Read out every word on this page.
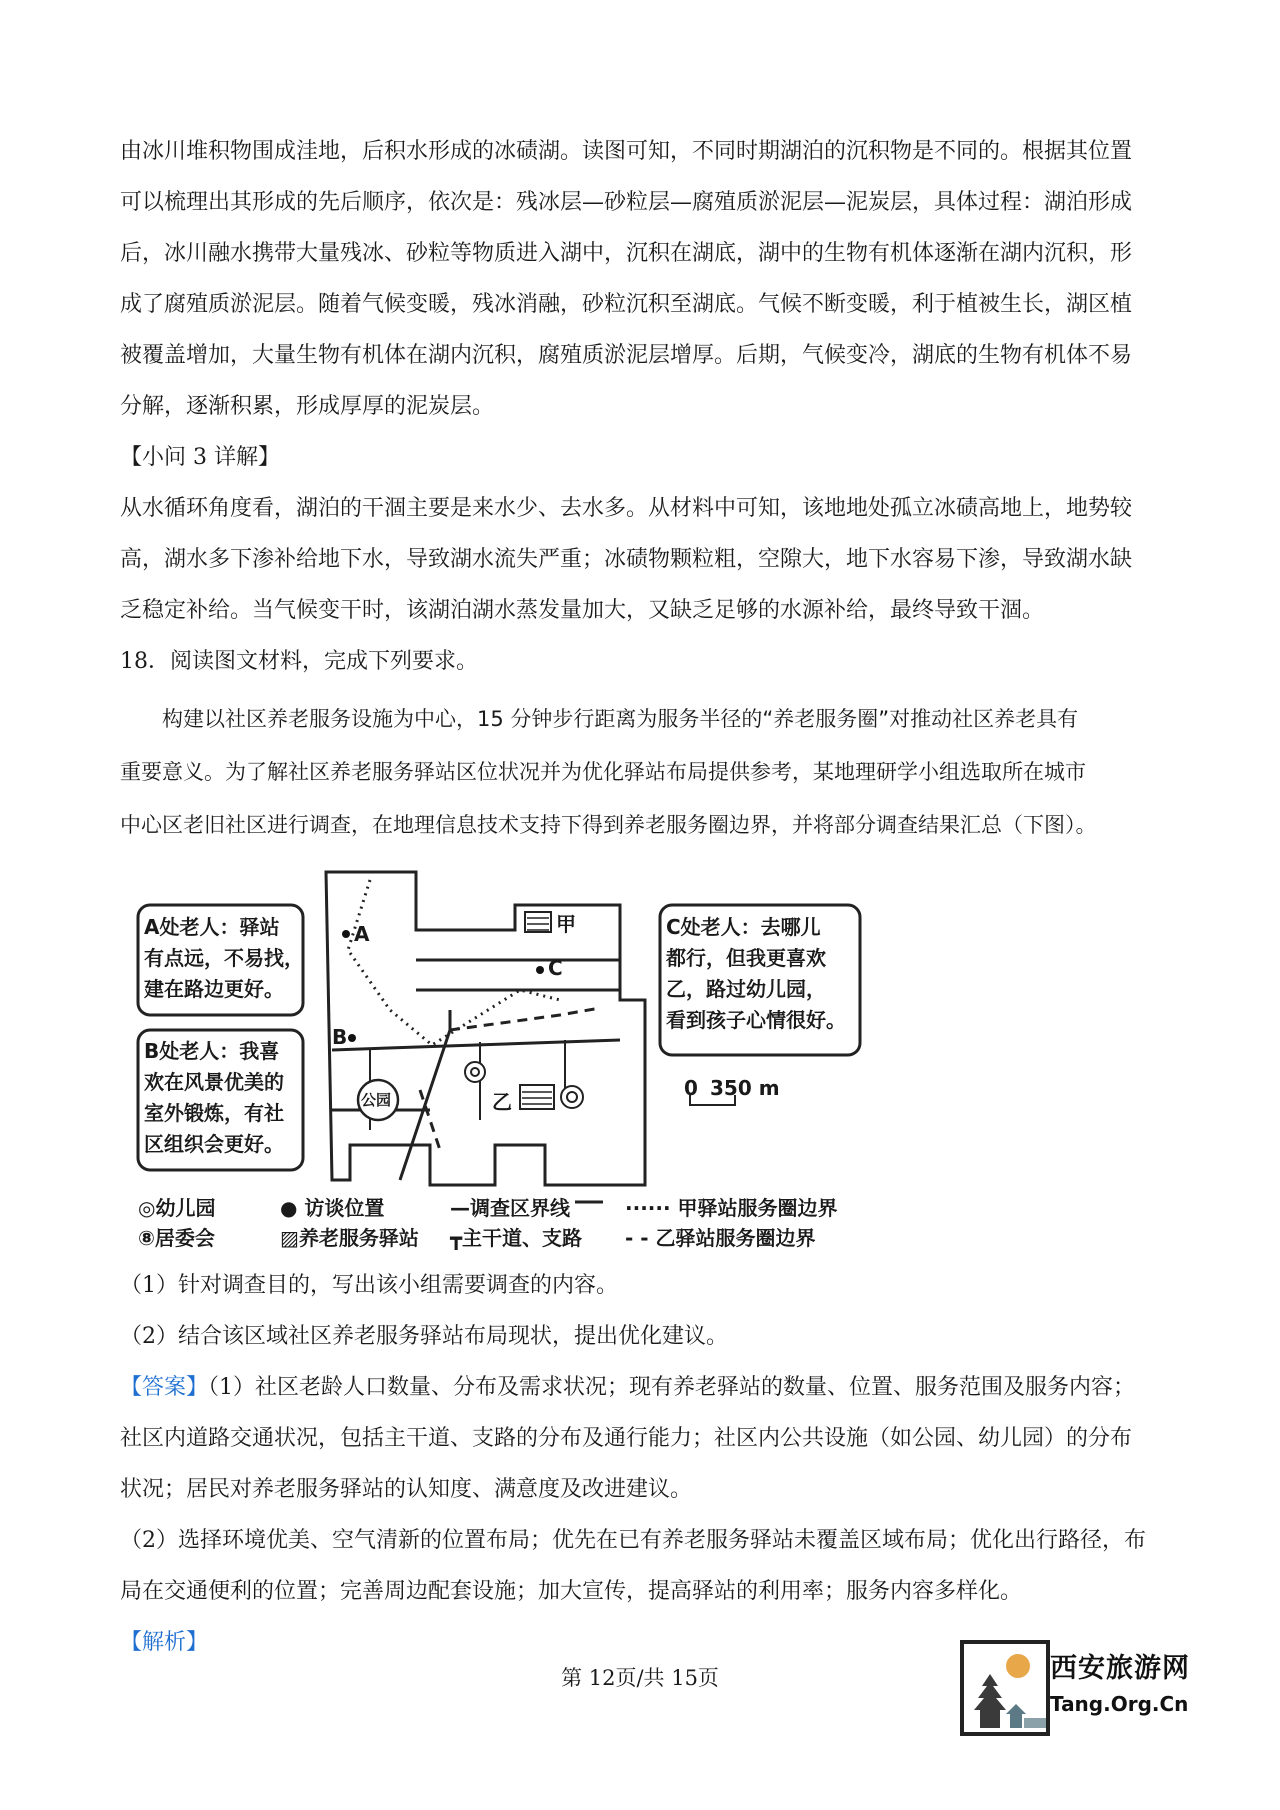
由冰川堆积物围成洼地，后积水形成的冰碛湖。读图可知，不同时期湖泊的沉积物是不同的。根据其位置
可以梳理出其形成的先后顺序，依次是：残冰层—砂粒层—腐殖质淤泥层—泥炭层，具体过程：湖泊形成
后，冰川融水携带大量残冰、砂粒等物质进入湖中，沉积在湖底，湖中的生物有机体逐渐在湖内沉积，形
成了腐殖质淤泥层。随着气候变暖，残冰消融，砂粒沉积至湖底。气候不断变暖，利于植被生长，湖区植
被覆盖增加，大量生物有机体在湖内沉积，腐殖质淤泥层增厚。后期，气候变冷，湖底的生物有机体不易
分解，逐渐积累，形成厚厚的泥炭层。
【小问 3 详解】
从水循环角度看，湖泊的干涸主要是来水少、去水多。从材料中可知，该地地处孤立冰碛高地上，地势较
高，湖水多下渗补给地下水，导致湖水流失严重；冰碛物颗粒粗，空隙大，地下水容易下渗，导致湖水缺
乏稳定补给。当气候变干时，该湖泊湖水蒸发量加大，又缺乏足够的水源补给，最终导致干涸。
18．阅读图文材料，完成下列要求。
构建以社区养老服务设施为中心，15 分钟步行距离为服务半径的“养老服务圈”对推动社区养老具有
重要意义。为了解社区养老服务驿站区位状况并为优化驿站布局提供参考，某地理研学小组选取所在城市
中心区老旧社区进行调查，在地理信息技术支持下得到养老服务圈边界，并将部分调查结果汇总（下图）。
A处老人：驿站
有点远，不易找，
建在路边更好。
B处老人：我喜
欢在风景优美的
室外锻炼，有社
区组织会更好。
C处老人：去哪儿
都行，但我更喜欢
乙，路过幼儿园，
看到孩子心情很好。
甲
乙
A
B
C
公园	0 350 m
◎幼儿园
⑧居委会
● 访谈位置
▨养老服务驿站
—调查区界线
┳主干道、支路
······ 甲驿站服务圈边界
- - 乙驿站服务圈边界
（1）针对调查目的，写出该小组需要调查的内容。
（2）结合该区域社区养老服务驿站布局现状，提出优化建议。
【答案】（1）社区老龄人口数量、分布及需求状况；现有养老驿站的数量、位置、服务范围及服务内容；
社区内道路交通状况，包括主干道、支路的分布及通行能力；社区内公共设施（如公园、幼儿园）的分布
状况；居民对养老服务驿站的认知度、满意度及改进建议。
（2）选择环境优美、空气清新的位置布局；优先在已有养老服务驿站未覆盖区域布局；优化出行路径，布
局在交通便利的位置；完善周边配套设施；加大宣传，提高驿站的利用率；服务内容多样化。
【解析】
第 12页/共 15页	西安旅游网
Tang.Org.Cn
